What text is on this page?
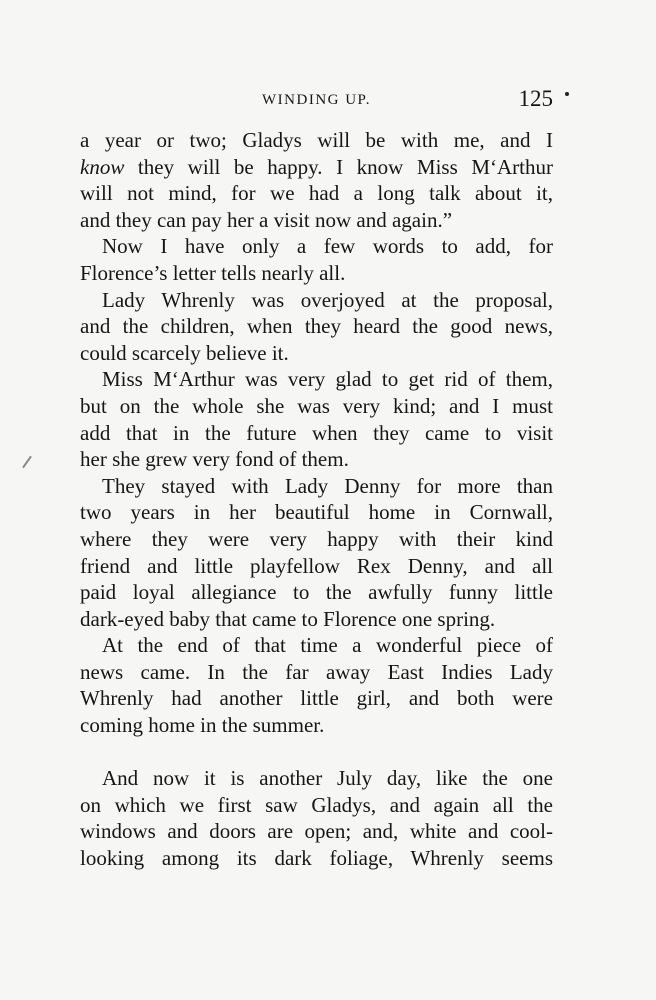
WINDING UP.	125
a year or two; Gladys will be with me, and I
know they will be happy. I know Miss M‘Arthur
will not mind, for we had a long talk about it,
and they can pay her a visit now and again.”
Now I have only a few words to add, for
Florence’s letter tells nearly all.
Lady Whrenly was overjoyed at the proposal,
and the children, when they heard the good news,
could scarcely believe it.
Miss M‘Arthur was very glad to get rid of them,
but on the whole she was very kind; and I must
add that in the future when they came to visit
her she grew very fond of them.
They stayed with Lady Denny for more than
two years in her beautiful home in Cornwall,
where they were very happy with their kind
friend and little playfellow Rex Denny, and all
paid loyal allegiance to the awfully funny little
dark-eyed baby that came to Florence one spring.
At the end of that time a wonderful piece of
news came. In the far away East Indies Lady
Whrenly had another little girl, and both were
coming home in the summer.
And now it is another July day, like the one
on which we first saw Gladys, and again all the
windows and doors are open; and, white and cool-
looking among its dark foliage, Whrenly seems
